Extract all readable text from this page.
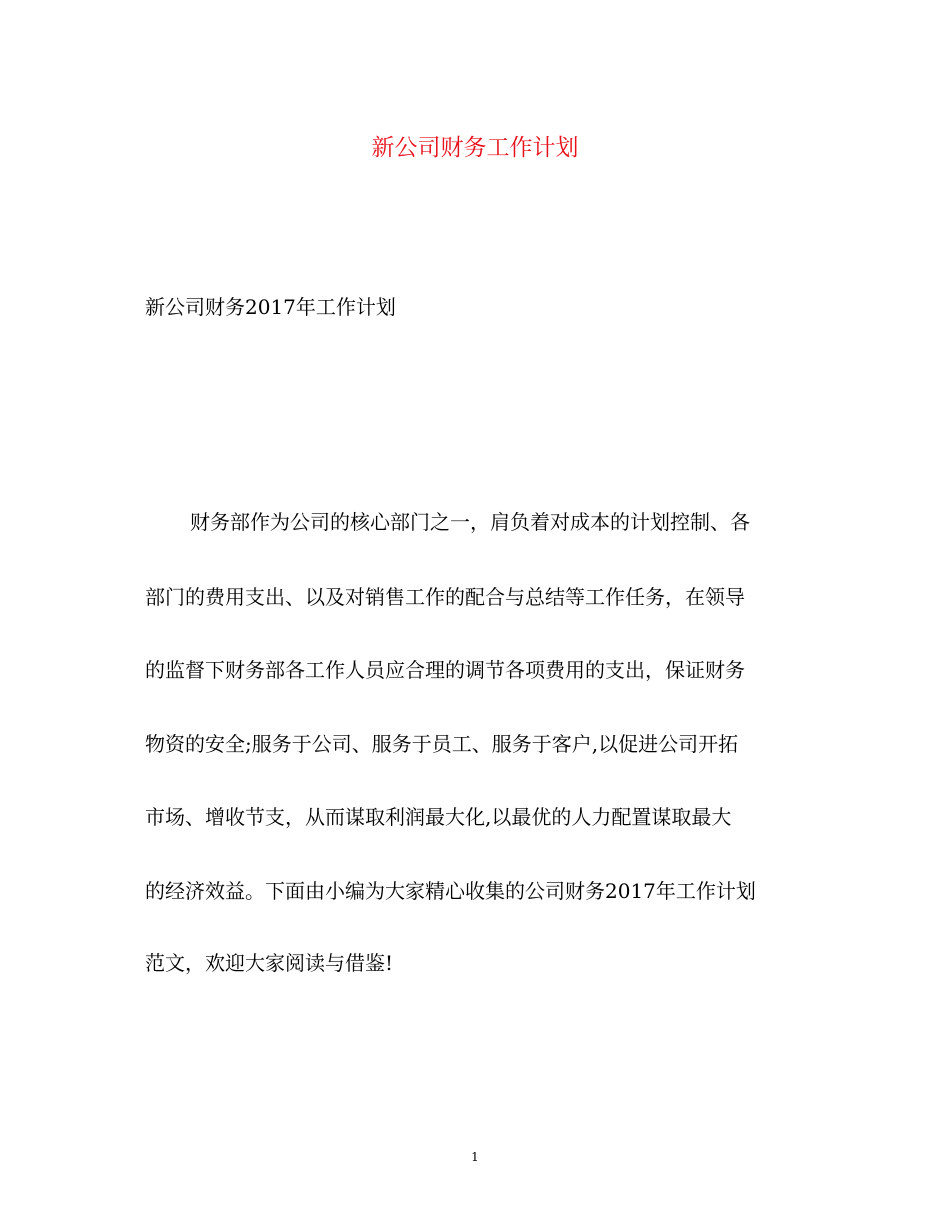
新公司财务工作计划

新公司财务2017年工作计划

财务部作为公司的核心部门之一，肩负着对成本的计划控制、各
部门的费用支出、以及对销售工作的配合与总结等工作任务，在领导
的监督下财务部各工作人员应合理的调节各项费用的支出，保证财务
物资的安全;服务于公司、服务于员工、服务于客户,以促进公司开拓
市场、增收节支，从而谋取利润最大化,以最优的人力配置谋取最大
的经济效益。下面由小编为大家精心收集的公司财务2017年工作计划
范文，欢迎大家阅读与借鉴!

1
